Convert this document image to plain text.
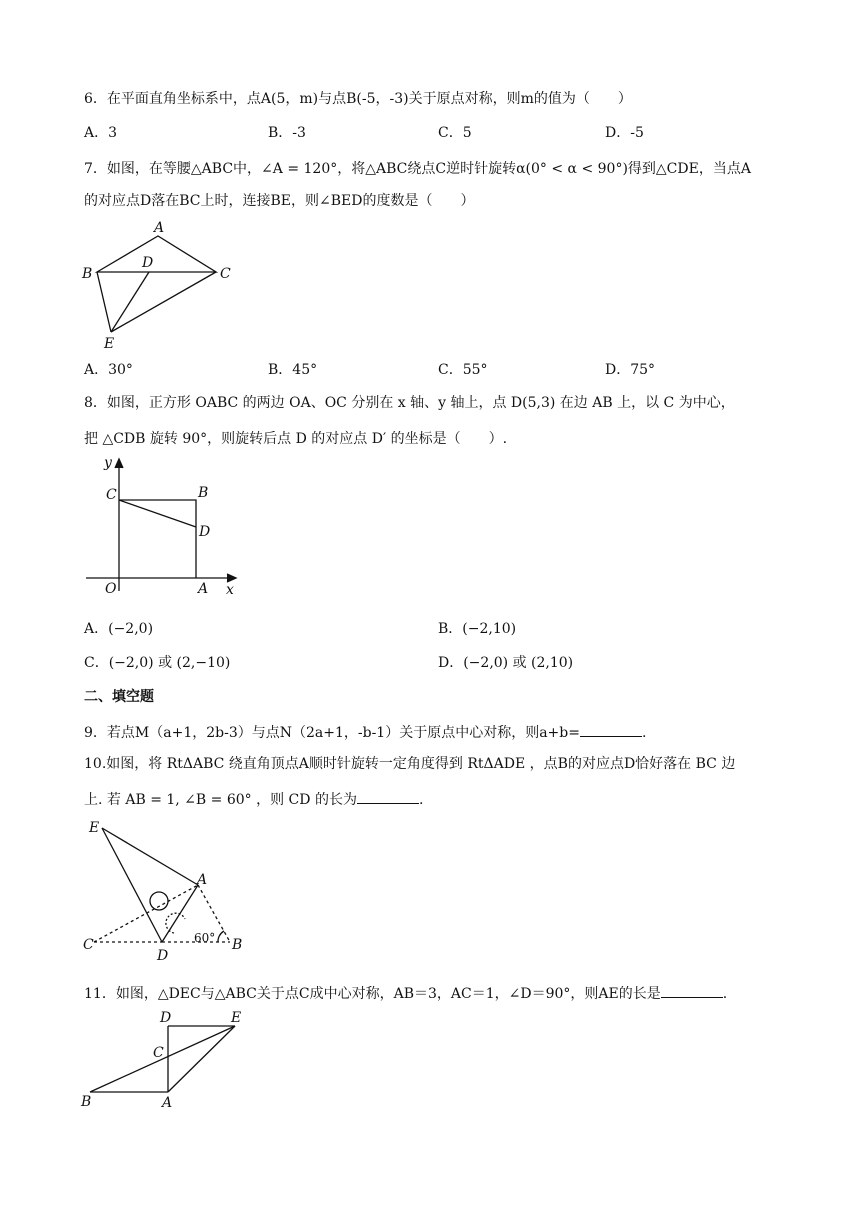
6．在平面直角坐标系中，点A(5，m)与点B(-5，-3)关于原点对称，则m的值为（　　）
A．3	B．-3	C．5	D．-5
7．如图，在等腰△ABC中，∠A = 120°，将△ABC绕点C逆时针旋转α(0° < α < 90°)得到△CDE，当点A
的对应点D落在BC上时，连接BE，则∠BED的度数是（　　）
A
B	C
D
E
A．30°	B．45°	C．55°	D．75°
8．如图，正方形 OABC 的两边 OA、OC 分别在 x 轴、y 轴上，点 D(5,3) 在边 AB 上，以 C 为中心，
把 △CDB 旋转 90°，则旋转后点 D 的对应点 D′ 的坐标是（　　）.
y
C	B
D
O	A x
A．(−2,0)	B．(−2,10)
C．(−2,0) 或 (2,−10)	D．(−2,0) 或 (2,10)
二、填空题
9．若点M（a+1，2b-3）与点N（2a+1，-b-1）关于原点中心对称，则a+b=	.
10.如图，将 RtΔABC 绕直角顶点A顺时针旋转一定角度得到 RtΔADE ，点B的对应点D恰好落在 BC 边
上. 若 AB = 1, ∠B = 60° ，则 CD 的长为	.
E
A
C
D
B
60°
11．如图，△DEC与△ABC关于点C成中心对称，AB＝3，AC＝1，∠D＝90°，则AE的长是	.
D	E
C
B	A
